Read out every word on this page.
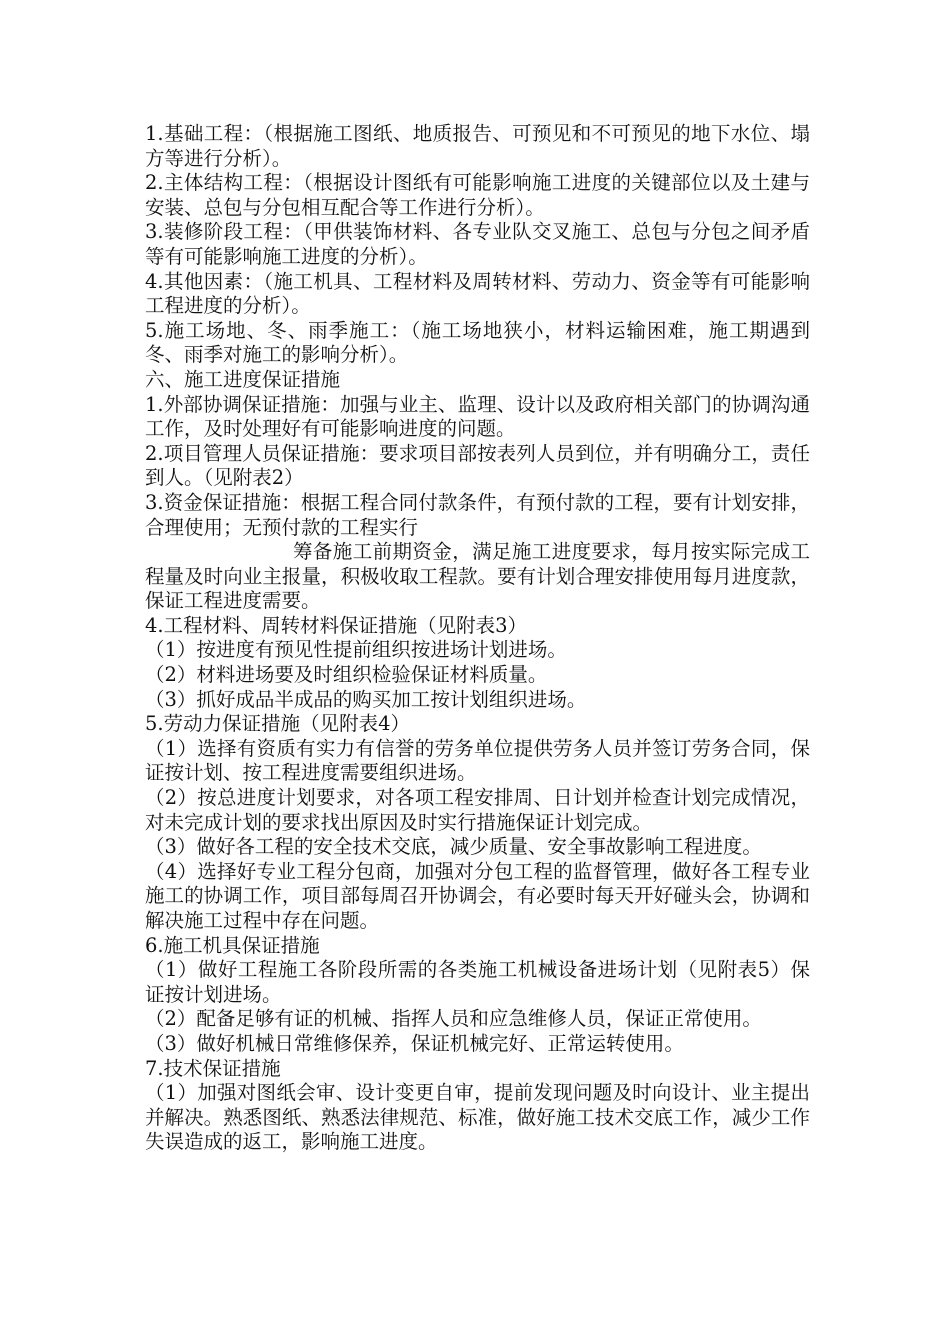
1.基础工程：（根据施工图纸、地质报告、可预见和不可预见的地下水位、塌方等进行分析）。

2.主体结构工程：（根据设计图纸有可能影响施工进度的关键部位以及土建与安装、总包与分包相互配合等工作进行分析）。

3.装修阶段工程：（甲供装饰材料、各专业队交叉施工、总包与分包之间矛盾等有可能影响施工进度的分析）。

4.其他因素：（施工机具、工程材料及周转材料、劳动力、资金等有可能影响工程进度的分析）。

5.施工场地、冬、雨季施工：（施工场地狭小，材料运输困难，施工期遇到冬、雨季对施工的影响分析）。

六、施工进度保证措施

1.外部协调保证措施：加强与业主、监理、设计以及政府相关部门的协调沟通工作，及时处理好有可能影响进度的问题。

2.项目管理人员保证措施：要求项目部按表列人员到位，并有明确分工，责任到人。（见附表2）

3.资金保证措施：根据工程合同付款条件，有预付款的工程，要有计划安排，合理使用；无预付款的工程实行

筹备施工前期资金，满足施工进度要求，每月按实际完成工程量及时向业主报量，积极收取工程款。要有计划合理安排使用每月进度款，保证工程进度需要。

4.工程材料、周转材料保证措施（见附表3）

（1）按进度有预见性提前组织按进场计划进场。

（2）材料进场要及时组织检验保证材料质量。

（3）抓好成品半成品的购买加工按计划组织进场。

5.劳动力保证措施（见附表4）

（1）选择有资质有实力有信誉的劳务单位提供劳务人员并签订劳务合同，保证按计划、按工程进度需要组织进场。

（2）按总进度计划要求，对各项工程安排周、日计划并检查计划完成情况，对未完成计划的要求找出原因及时实行措施保证计划完成。

（3）做好各工程的安全技术交底，减少质量、安全事故影响工程进度。

（4）选择好专业工程分包商，加强对分包工程的监督管理，做好各工程专业施工的协调工作，项目部每周召开协调会，有必要时每天开好碰头会，协调和解决施工过程中存在问题。

6.施工机具保证措施

（1）做好工程施工各阶段所需的各类施工机械设备进场计划（见附表5）保证按计划进场。

（2）配备足够有证的机械、指挥人员和应急维修人员，保证正常使用。

（3）做好机械日常维修保养，保证机械完好、正常运转使用。

7.技术保证措施

（1）加强对图纸会审、设计变更自审，提前发现问题及时向设计、业主提出并解决。熟悉图纸、熟悉法律规范、标准，做好施工技术交底工作，减少工作失误造成的返工，影响施工进度。
